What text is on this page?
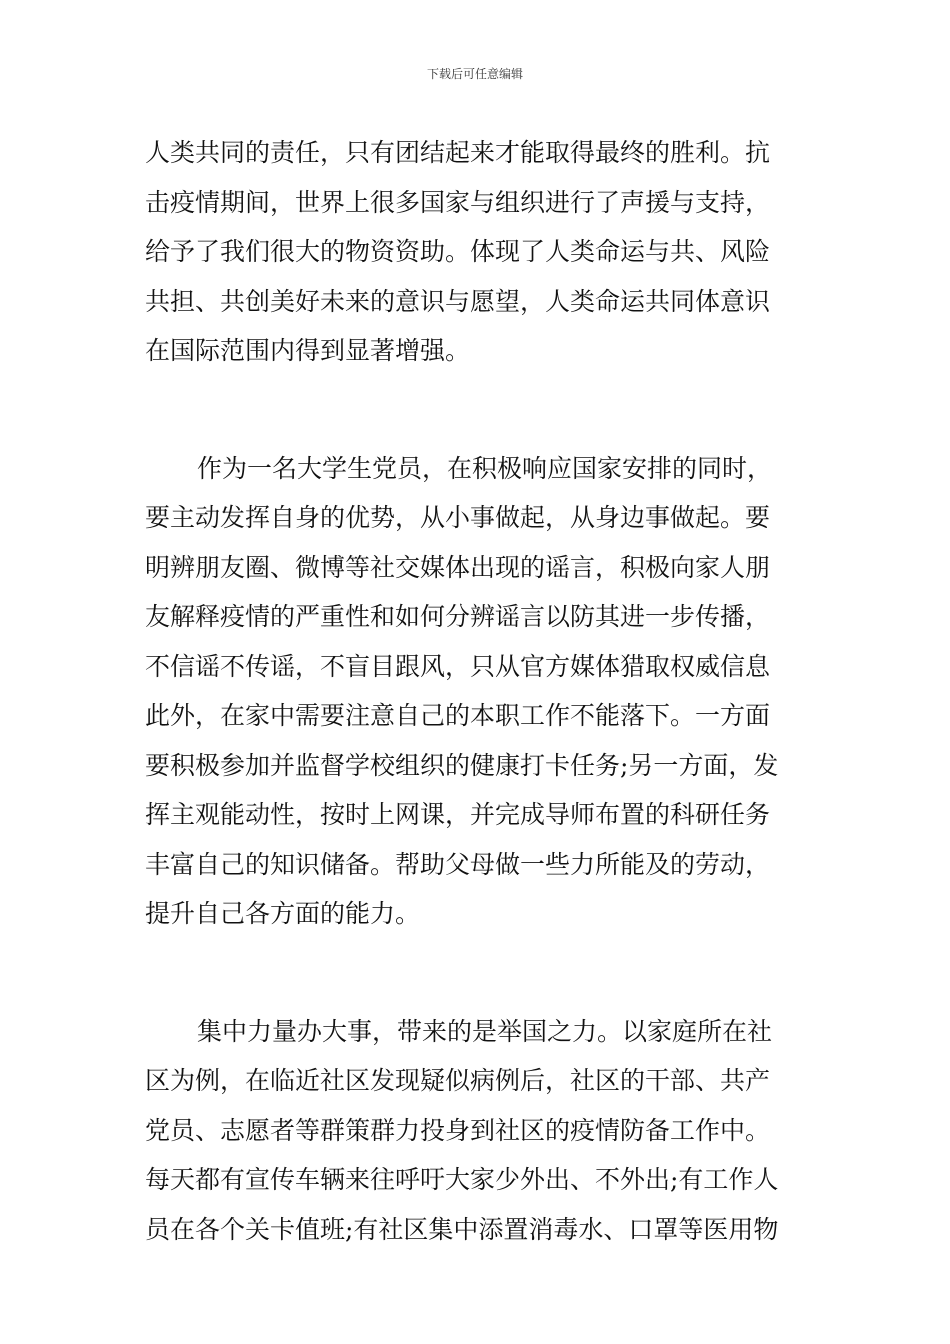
下载后可任意编辑
人类共同的责任，只有团结起来才能取得最终的胜利。抗
击疫情期间，世界上很多国家与组织进行了声援与支持，
给予了我们很大的物资资助。体现了人类命运与共、风险
共担、共创美好未来的意识与愿望，人类命运共同体意识
在国际范围内得到显著增强。
作为一名大学生党员，在积极响应国家安排的同时，
要主动发挥自身的优势，从小事做起，从身边事做起。要
明辨朋友圈、微博等社交媒体出现的谣言，积极向家人朋
友解释疫情的严重性和如何分辨谣言以防其进一步传播，
不信谣不传谣，不盲目跟风，只从官方媒体猎取权威信息
此外，在家中需要注意自己的本职工作不能落下。一方面
要积极参加并监督学校组织的健康打卡任务;另一方面，发
挥主观能动性，按时上网课，并完成导师布置的科研任务
丰富自己的知识储备。帮助父母做一些力所能及的劳动，
提升自己各方面的能力。
集中力量办大事，带来的是举国之力。以家庭所在社
区为例，在临近社区发现疑似病例后，社区的干部、共产
党员、志愿者等群策群力投身到社区的疫情防备工作中。
每天都有宣传车辆来往呼吁大家少外出、不外出;有工作人
员在各个关卡值班;有社区集中添置消毒水、口罩等医用物
